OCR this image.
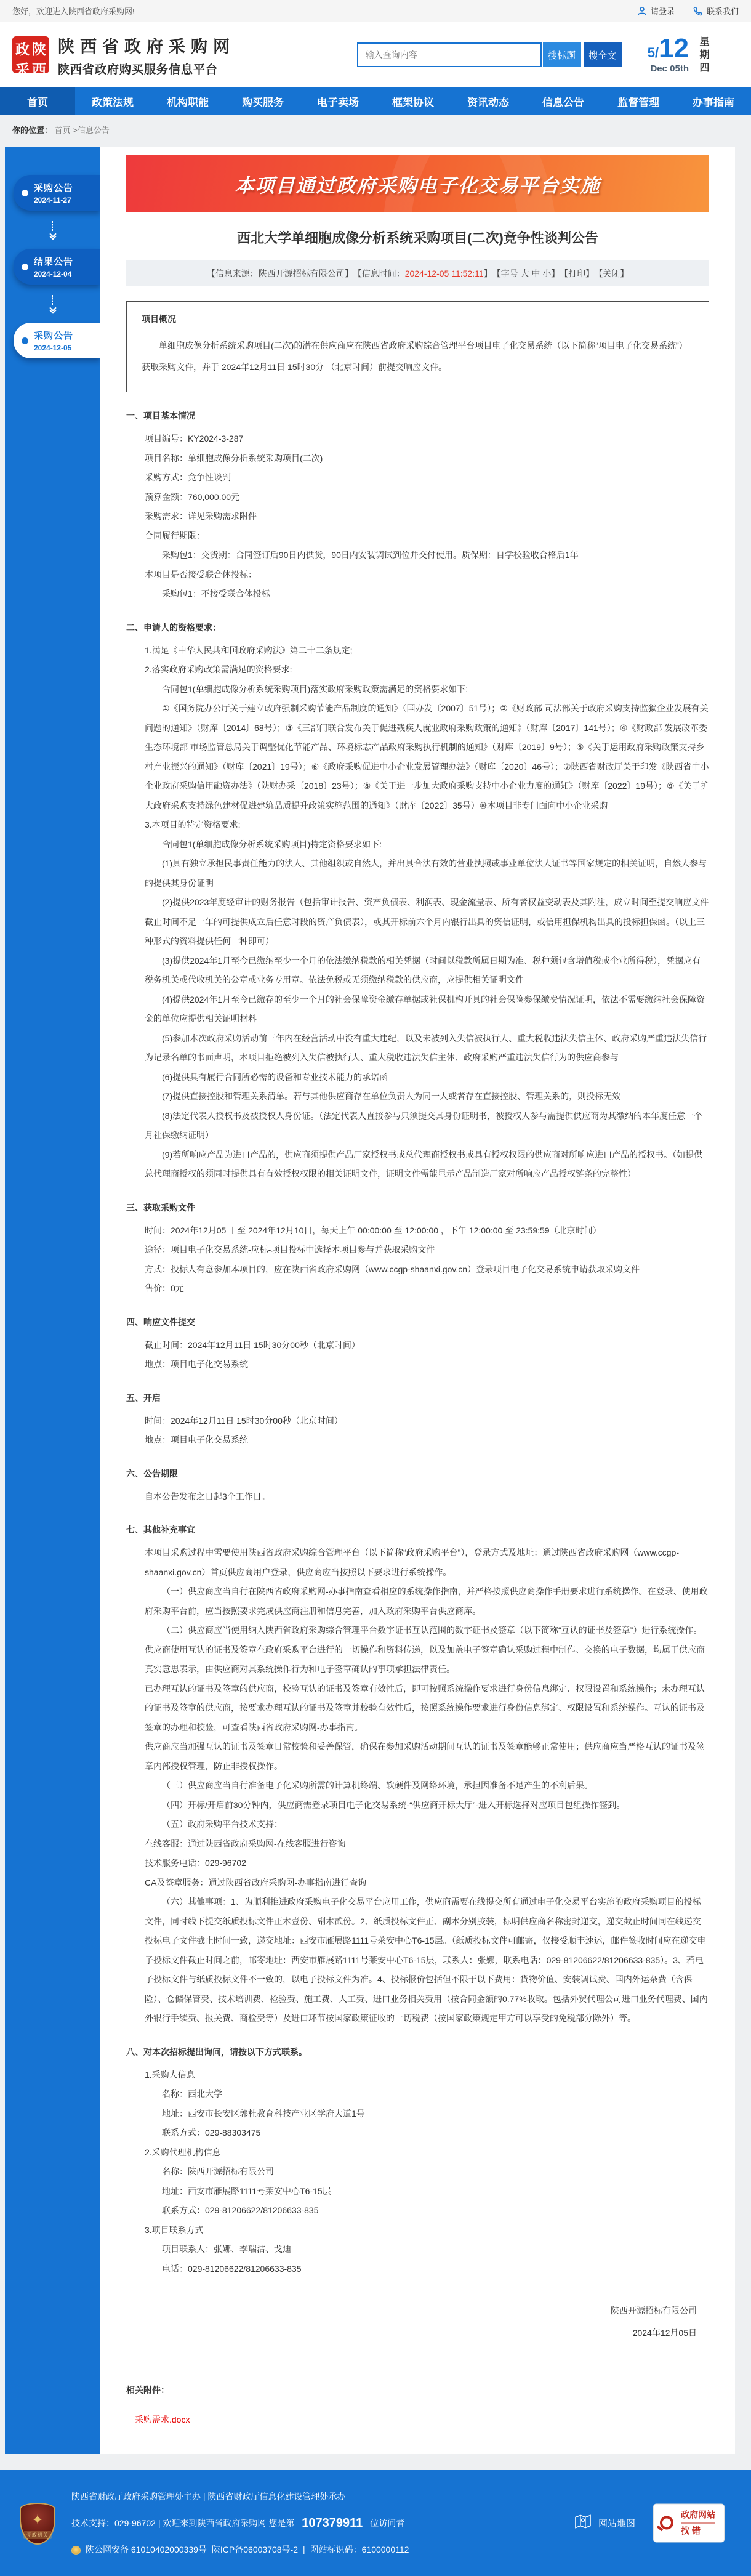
您好，欢迎进入陕西省政府采购网!	请登录	联系我们
政 陕
采 西
陕西省政府采购网
陕西省政府购买服务信息平台
输入查询内容
搜标题	搜全文	5/12
Dec 05th 星期四
首页	政策法规	机构职能	购买服务	电子卖场	框架协议	资讯动态	信息公告	监督管理	办事指南
你的位置： 首页 >信息公告
采购公告
2024-11-27
结果公告
2024-12-04
采购公告
2024-12-05
本项目通过政府采购电子化交易平台实施
西北大学单细胞成像分析系统采购项目(二次)竞争性谈判公告
【信息来源：陕西开源招标有限公司】 【信息时间： 2024-12-05 11:52:11 】 【字号 大 中 小】 【打印】 【关闭】
项目概况
单细胞成像分析系统采购项目(二次)的潜在供应商应在陕西省政府采购综合管理平台项目电子化交易系统（以下简称“项目电子化交易系统”）获取采购文件，并于 2024年12月11日 15时30分 （北京时间）前提交响应文件。
一、项目基本情况
项目编号：KY2024-3-287
项目名称：单细胞成像分析系统采购项目(二次)
采购方式：竞争性谈判
预算金额：760,000.00元
采购需求：详见采购需求附件
合同履行期限：
采购包1：交货期：合同签订后90日内供货，90日内安装调试到位并交付使用。质保期：自学校验收合格后1年
本项目是否接受联合体投标：
采购包1：不接受联合体投标
二、申请人的资格要求：
1.满足《中华人民共和国政府采购法》第二十二条规定;
2.落实政府采购政策需满足的资格要求:
合同包1(单细胞成像分析系统采购项目)落实政府采购政策需满足的资格要求如下:
①《国务院办公厅关于建立政府强制采购节能产品制度的通知》（国办发〔2007〕51号）；②《财政部 司法部关于政府采购支持监狱企业发展有关问题的通知》（财库〔2014〕68号）；③《三部门联合发布关于促进残疾人就业政府采购政策的通知》（财库〔2017〕141号）；④《财政部 发展改革委 生态环境部 市场监管总局关于调整优化节能产品、环境标志产品政府采购执行机制的通知》（财库〔2019〕9号）；⑤《关于运用政府采购政策支持乡村产业振兴的通知》（财库〔2021〕19号）；⑥《政府采购促进中小企业发展管理办法》（财库〔2020〕46号）；⑦陕西省财政厅关于印发《陕西省中小企业政府采购信用融资办法》（陕财办采〔2018〕23号）；⑧《关于进一步加大政府采购支持中小企业力度的通知》（财库〔2022〕19号）；⑨《关于扩大政府采购支持绿色建材促进建筑品质提升政策实施范围的通知》（财库〔2022〕35号）⑩本项目非专门面向中小企业采购
3.本项目的特定资格要求:
合同包1(单细胞成像分析系统采购项目)特定资格要求如下:
(1)具有独立承担民事责任能力的法人、其他组织或自然人，并出具合法有效的营业执照或事业单位法人证书等国家规定的相关证明，自然人参与的提供其身份证明
(2)提供2023年度经审计的财务报告（包括审计报告、资产负债表、利润表、现金流量表、所有者权益变动表及其附注，成立时间至提交响应文件截止时间不足一年的可提供成立后任意时段的资产负债表），或其开标前六个月内银行出具的资信证明，或信用担保机构出具的投标担保函。（以上三种形式的资料提供任何一种即可）
(3)提供2024年1月至今已缴纳至少一个月的依法缴纳税款的相关凭据（时间以税款所属日期为准、税种须包含增值税或企业所得税），凭据应有税务机关或代收机关的公章或业务专用章。依法免税或无须缴纳税款的供应商，应提供相关证明文件
(4)提供2024年1月至今已缴存的至少一个月的社会保障资金缴存单据或社保机构开具的社会保险参保缴费情况证明，依法不需要缴纳社会保障资金的单位应提供相关证明材料
(5)参加本次政府采购活动前三年内在经营活动中没有重大违纪，以及未被列入失信被执行人、重大税收违法失信主体、政府采购严重违法失信行为记录名单的书面声明，本项目拒绝被列入失信被执行人、重大税收违法失信主体、政府采购严重违法失信行为的供应商参与
(6)提供具有履行合同所必需的设备和专业技术能力的承诺函
(7)提供直接控股和管理关系清单。若与其他供应商存在单位负责人为同一人或者存在直接控股、管理关系的，则投标无效
(8)法定代表人授权书及被授权人身份证。（法定代表人直接参与只须提交其身份证明书，被授权人参与需提供供应商为其缴纳的本年度任意一个月社保缴纳证明）
(9)若所响应产品为进口产品的，供应商须提供产品厂家授权书或总代理商授权书或具有授权权限的供应商对所响应进口产品的授权书。（如提供总代理商授权的须同时提供具有有效授权权限的相关证明文件，证明文件需能显示产品制造厂家对所响应产品授权链条的完整性）
三、获取采购文件
时间：2024年12月05日 至 2024年12月10日，每天上午 00:00:00 至 12:00:00 ，下午 12:00:00 至 23:59:59（北京时间）
途径：项目电子化交易系统-应标-项目投标中选择本项目参与并获取采购文件
方式：投标人有意参加本项目的，应在陕西省政府采购网（www.ccgp-shaanxi.gov.cn）登录项目电子化交易系统申请获取采购文件
售价：0元
四、响应文件提交
截止时间：2024年12月11日 15时30分00秒（北京时间）
地点：项目电子化交易系统
五、开启
时间：2024年12月11日 15时30分00秒（北京时间）
地点：项目电子化交易系统
六、公告期限
自本公告发布之日起3个工作日。
七、其他补充事宜
本项目采购过程中需要使用陕西省政府采购综合管理平台（以下简称“政府采购平台”），登录方式及地址：通过陕西省政府采购网（www.ccgp-shaanxi.gov.cn）首页供应商用户登录，供应商应当按照以下要求进行系统操作。
（一）供应商应当自行在陕西省政府采购网-办事指南查看相应的系统操作指南，并严格按照供应商操作手册要求进行系统操作。在登录、使用政府采购平台前，应当按照要求完成供应商注册和信息完善，加入政府采购平台供应商库。
（二）供应商应当使用纳入陕西省政府采购综合管理平台数字证书互认范围的数字证书及签章（以下简称“互认的证书及签章”）进行系统操作。供应商使用互认的证书及签章在政府采购平台进行的一切操作和资料传递，以及加盖电子签章确认采购过程中制作、交换的电子数据，均属于供应商真实意思表示，由供应商对其系统操作行为和电子签章确认的事项承担法律责任。
已办理互认的证书及签章的供应商，校验互认的证书及签章有效性后，即可按照系统操作要求进行身份信息绑定、权限设置和系统操作；未办理互认的证书及签章的供应商，按要求办理互认的证书及签章并校验有效性后，按照系统操作要求进行身份信息绑定、权限设置和系统操作。互认的证书及签章的办理和校验，可查看陕西省政府采购网-办事指南。
供应商应当加强互认的证书及签章日常校验和妥善保管，确保在参加采购活动期间互认的证书及签章能够正常使用；供应商应当严格互认的证书及签章内部授权管理，防止非授权操作。
（三）供应商应当自行准备电子化采购所需的计算机终端、软硬件及网络环境，承担因准备不足产生的不利后果。
（四）开标/开启前30分钟内，供应商需登录项目电子化交易系统-“供应商开标大厅”-进入开标选择对应项目包组操作签到。
（五）政府采购平台技术支持：
在线客服：通过陕西省政府采购网-在线客服进行咨询
技术服务电话：029-96702
CA及签章服务：通过陕西省政府采购网-办事指南进行查询
（六）其他事项：1、为顺利推进政府采购电子化交易平台应用工作，供应商需要在线提交所有通过电子化交易平台实施的政府采购项目的投标文件，同时线下提交纸质投标文件正本壹份、副本贰份。2、纸质投标文件正、副本分别胶装，标明供应商名称密封递交，递交截止时间同在线递交投标电子文件截止时间一致，递交地址：西安市雁展路1111号莱安中心T6-15层。（纸质投标文件可邮寄，仅接受顺丰速运，邮件签收时间应在递交电子投标文件截止时间之前，邮寄地址：西安市雁展路1111号莱安中心T6-15层，联系人：张娜，联系电话：029-81206622/81206633-835）。3、若电子投标文件与纸质投标文件不一致的，以电子投标文件为准。4、投标报价包括但不限于以下费用：货物价值、安装调试费、国内外运杂费（含保险）、仓储保管费、技术培训费、检验费、施工费、人工费、进口业务相关费用（按合同金额的0.77%收取。包括外贸代理公司进口业务代理费、国内外银行手续费、报关费、商检费等）及进口环节按国家政策征收的一切税费（按国家政策规定甲方可以享受的免税部分除外）等。
八、对本次招标提出询问，请按以下方式联系。
1.采购人信息
名称：西北大学
地址：西安市长安区郭杜教育科技产业区学府大道1号
联系方式：029-88303475
2.采购代理机构信息
名称：陕西开源招标有限公司
地址：西安市雁展路1111号莱安中心T6-15层
联系方式：029-81206622/81206633-835
3.项目联系方式
项目联系人：张娜、李瑞洁、戈迪
电话：029-81206622/81206633-835
陕西开源招标有限公司
2024年12月05日
相关附件：
采购需求.docx
✦
党政机关
陕西省财政厅政府采购管理处主办 | 陕西省财政厅信息化建设管理处承办
技术支持：029-96702 | 欢迎来到陕西省政府采购网 您是第 107379911 位访问者
陕公网安备 61010402000339号 陕ICP备06003708号-2 | 网站标识码：6100000112
网站地图
政府网站
找错
